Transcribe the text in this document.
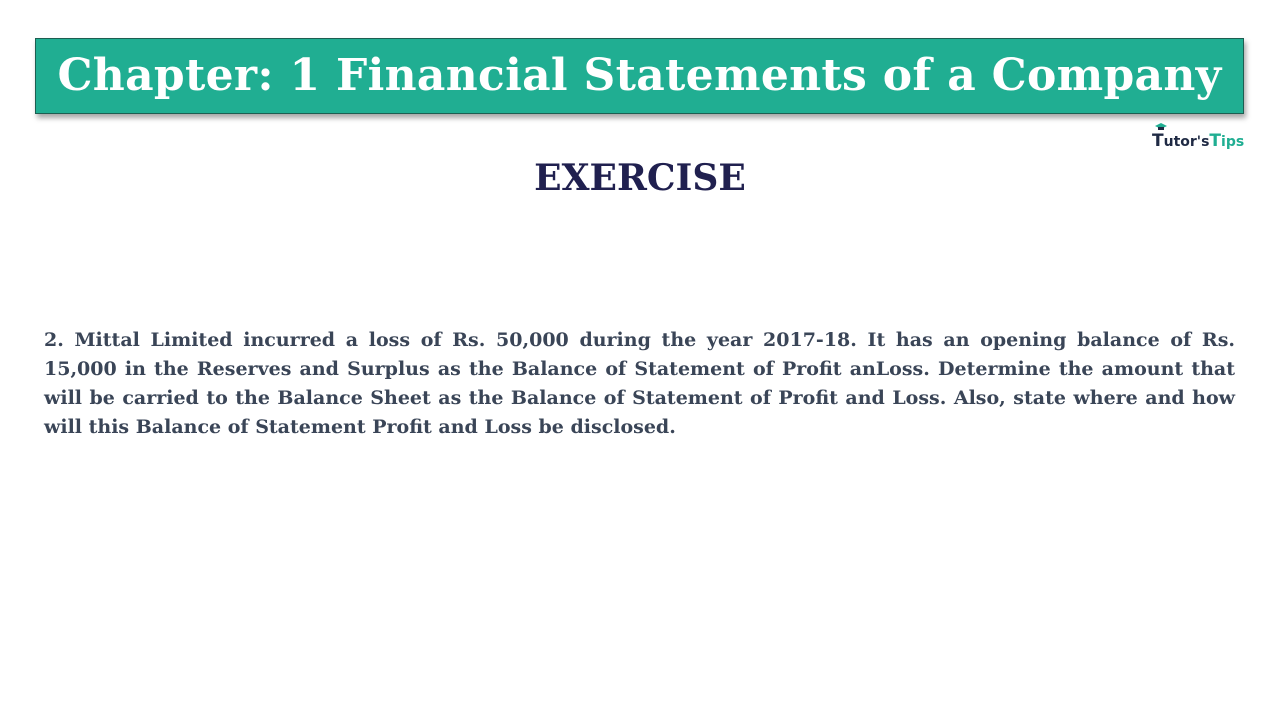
Chapter: 1 Financial Statements of a Company
Tutor'sTips
EXERCISE

2. Mittal Limited incurred a loss of Rs. 50,000 during the year 2017-18. It has an opening balance of Rs. 15,000 in the Reserves and Surplus as the Balance of Statement of Profit anLoss. Determine the amount that will be carried to the Balance Sheet as the Balance of Statement of Profit and Loss. Also, state where and how will this Balance of Statement Profit and Loss be disclosed.
